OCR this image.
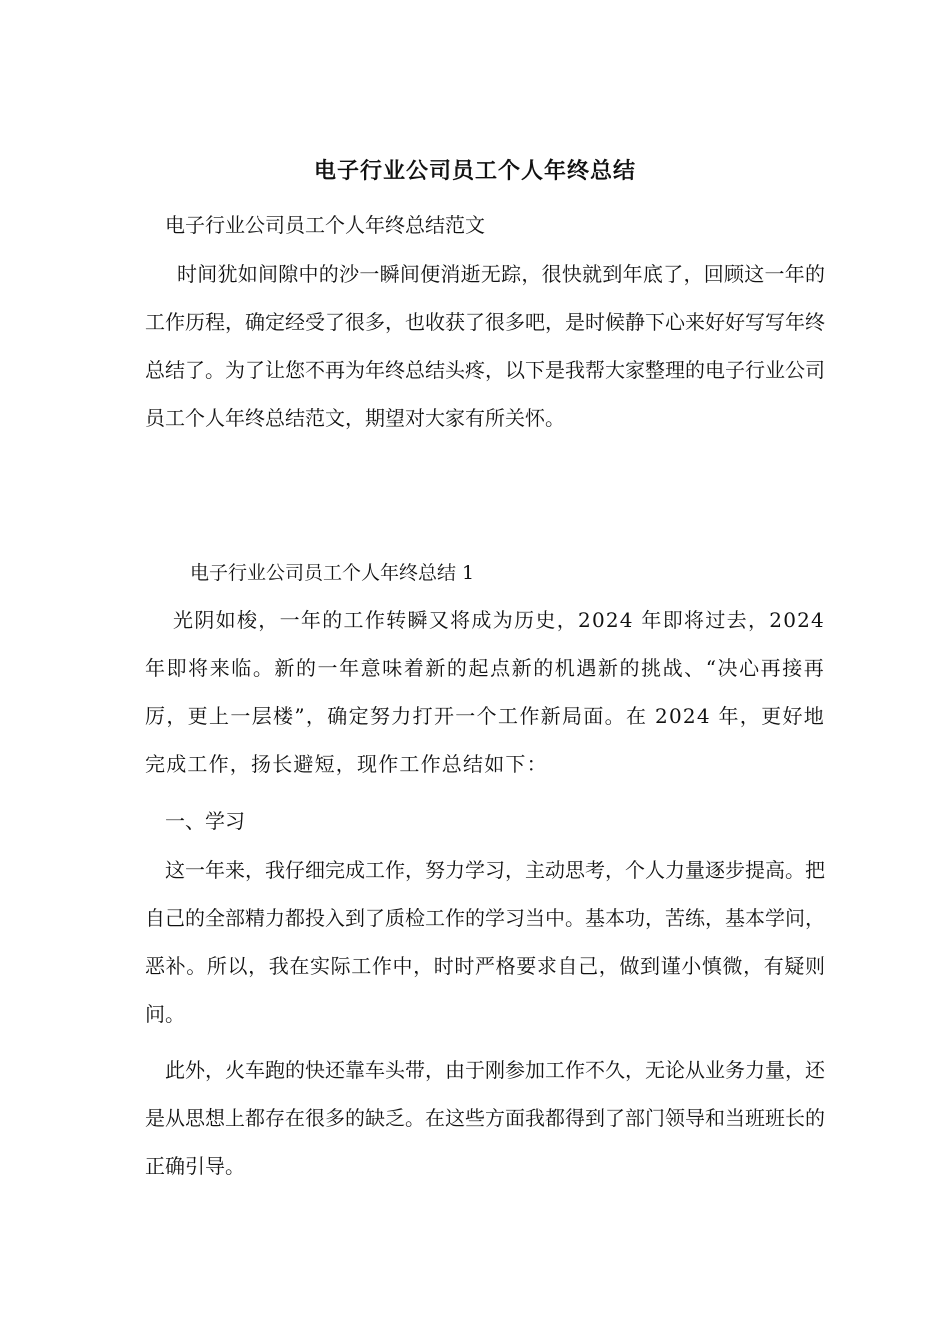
电子行业公司员工个人年终总结
电子行业公司员工个人年终总结范文
时间犹如间隙中的沙一瞬间便消逝无踪，很快就到年底了，回顾这一年的工作历程，确定经受了很多，也收获了很多吧，是时候静下心来好好写写年终总结了。为了让您不再为年终总结头疼，以下是我帮大家整理的电子行业公司员工个人年终总结范文，期望对大家有所关怀。
电子行业公司员工个人年终总结 1
光阴如梭，一年的工作转瞬又将成为历史，2024 年即将过去，2024 年即将来临。新的一年意味着新的起点新的机遇新的挑战、“决心再接再厉，更上一层楼”，确定努力打开一个工作新局面。在 2024 年，更好地完成工作，扬长避短，现作工作总结如下：
一、学习
这一年来，我仔细完成工作，努力学习，主动思考，个人力量逐步提高。把自己的全部精力都投入到了质检工作的学习当中。基本功，苦练，基本学问，恶补。所以，我在实际工作中，时时严格要求自己，做到谨小慎微，有疑则问。
此外，火车跑的快还靠车头带，由于刚参加工作不久，无论从业务力量，还是从思想上都存在很多的缺乏。在这些方面我都得到了部门领导和当班班长的正确引导。
